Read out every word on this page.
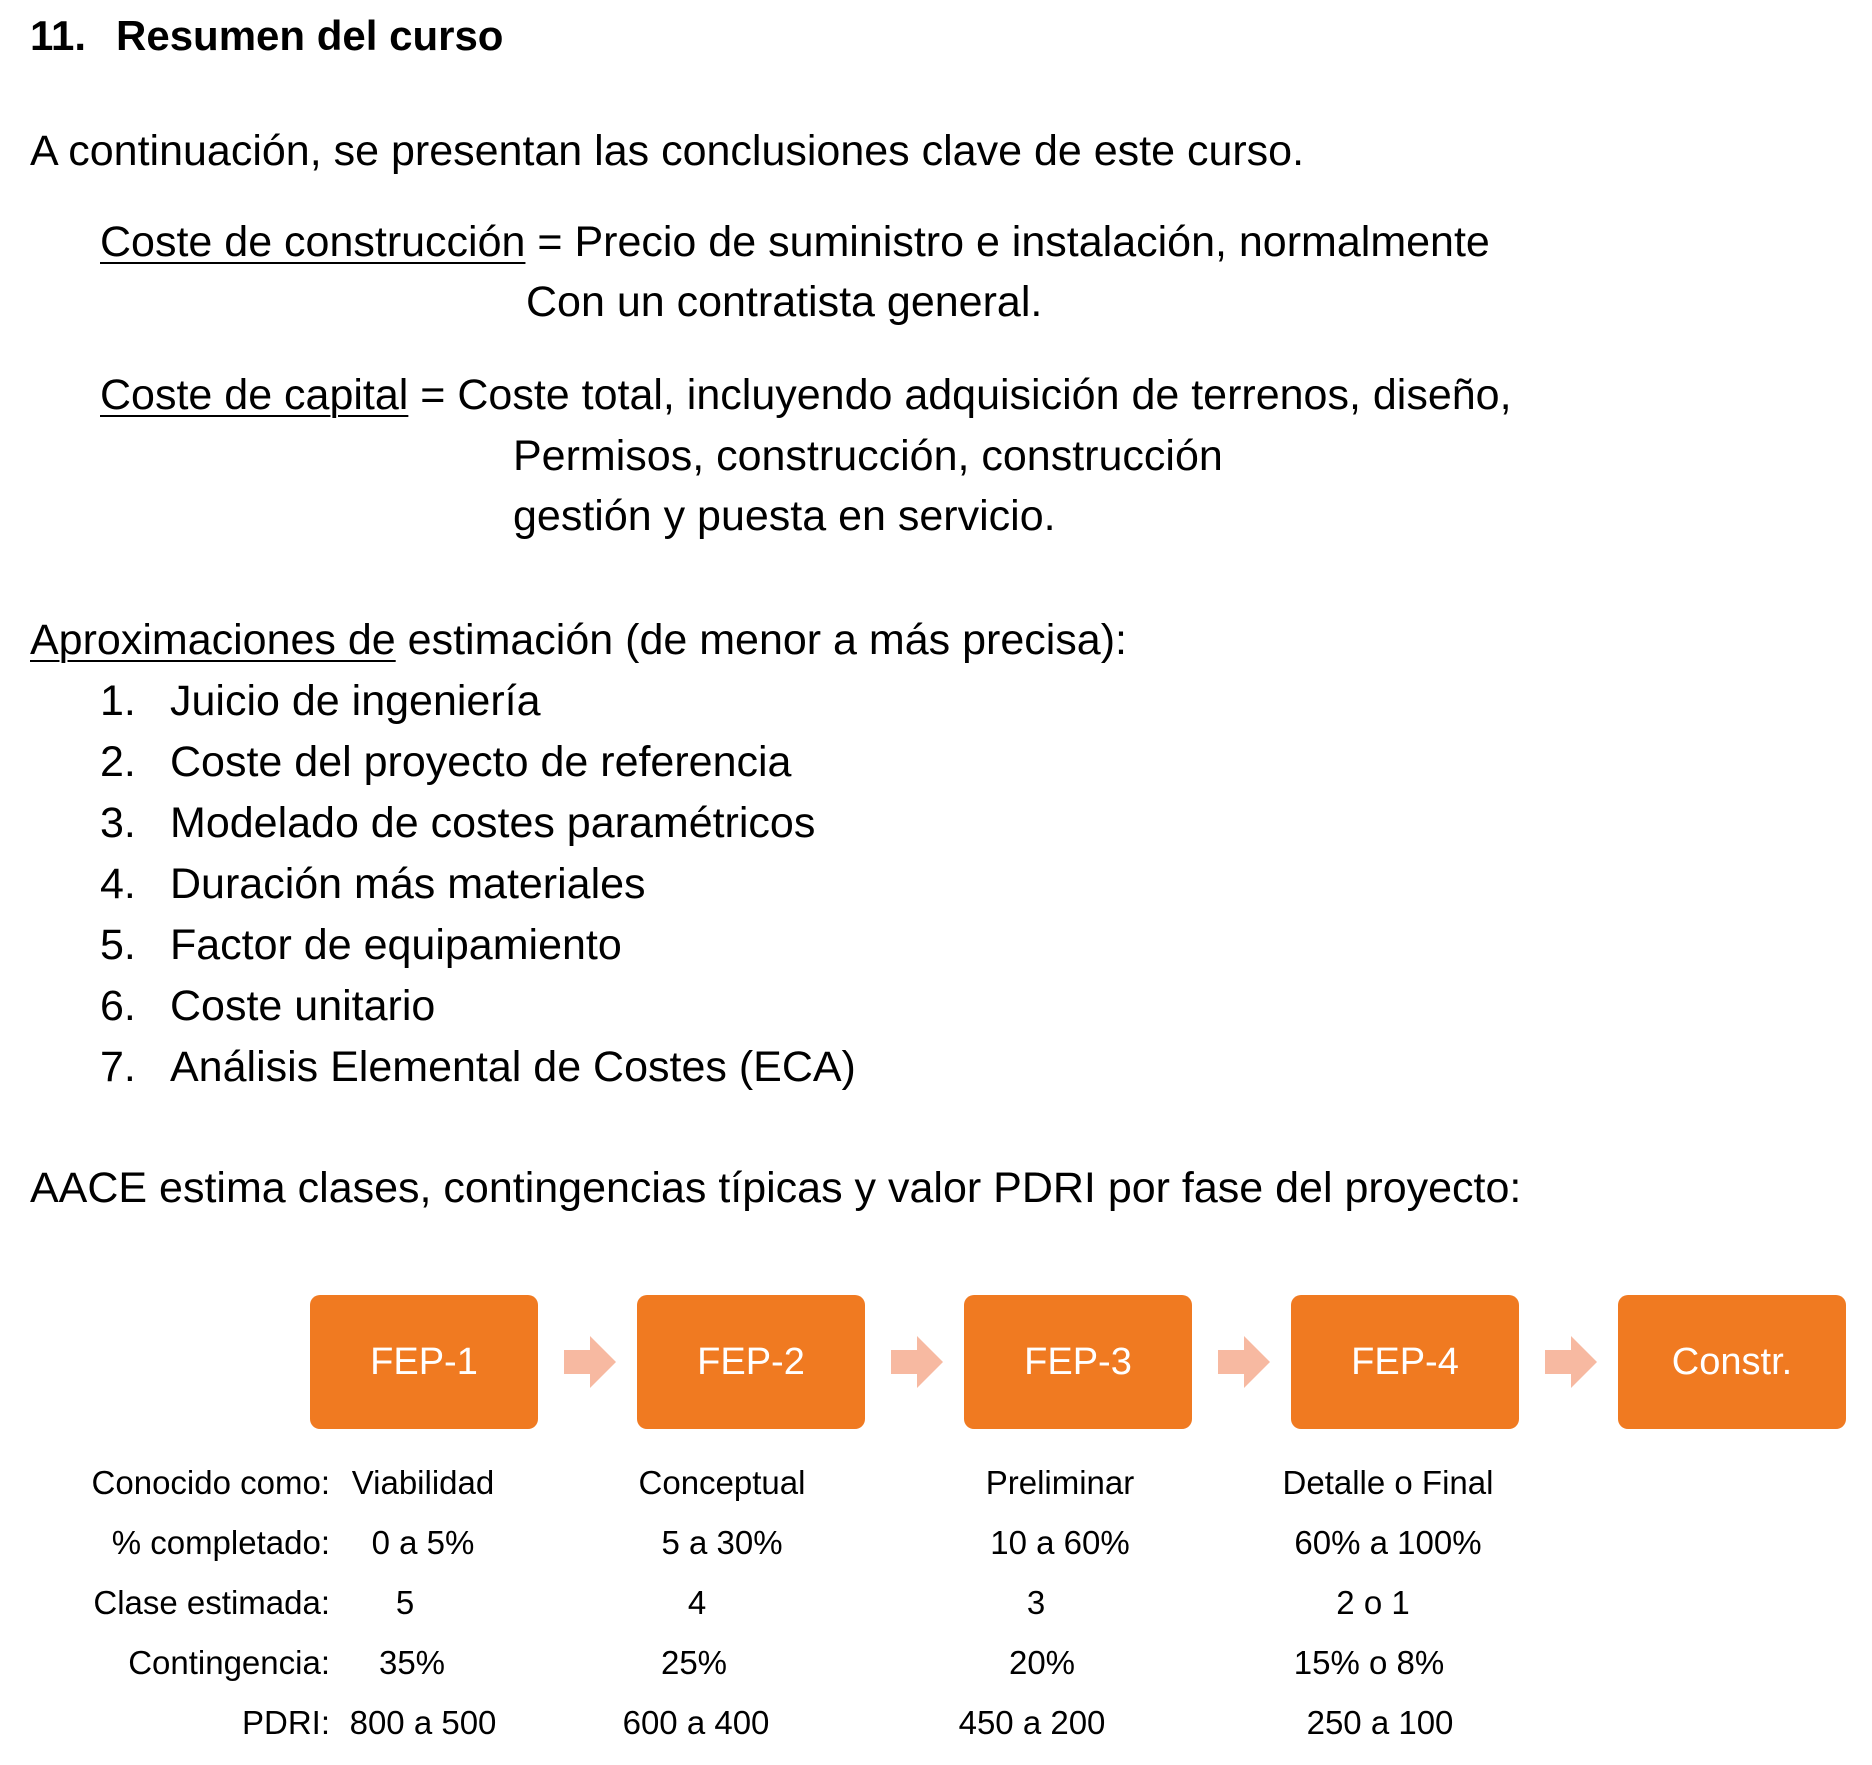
11. Resumen del curso
A continuación, se presentan las conclusiones clave de este curso.
Coste de construcción = Precio de suministro e instalación, normalmente
Con un contratista general.
Coste de capital = Coste total, incluyendo adquisición de terrenos, diseño,
Permisos, construcción, construcción
gestión y puesta en servicio.
Aproximaciones de estimación (de menor a más precisa):
1. Juicio de ingeniería
2. Coste del proyecto de referencia
3. Modelado de costes paramétricos
4. Duración más materiales
5. Factor de equipamiento
6. Coste unitario
7. Análisis Elemental de Costes (ECA)
AACE estima clases, contingencias típicas y valor PDRI por fase del proyecto:
FEP-1	FEP-2	FEP-3	FEP-4	Constr.
Conocido como: Viabilidad	Conceptual	Preliminar	Detalle o Final
% completado:	0 a 5%	5 a 30%	10 a 60%	60% a 100%
Clase estimada:	5	4	3	2 o 1
Contingencia:	35%	25%	20%	15% o 8%
PDRI: 800 a 500	600 a 400	450 a 200	250 a 100
